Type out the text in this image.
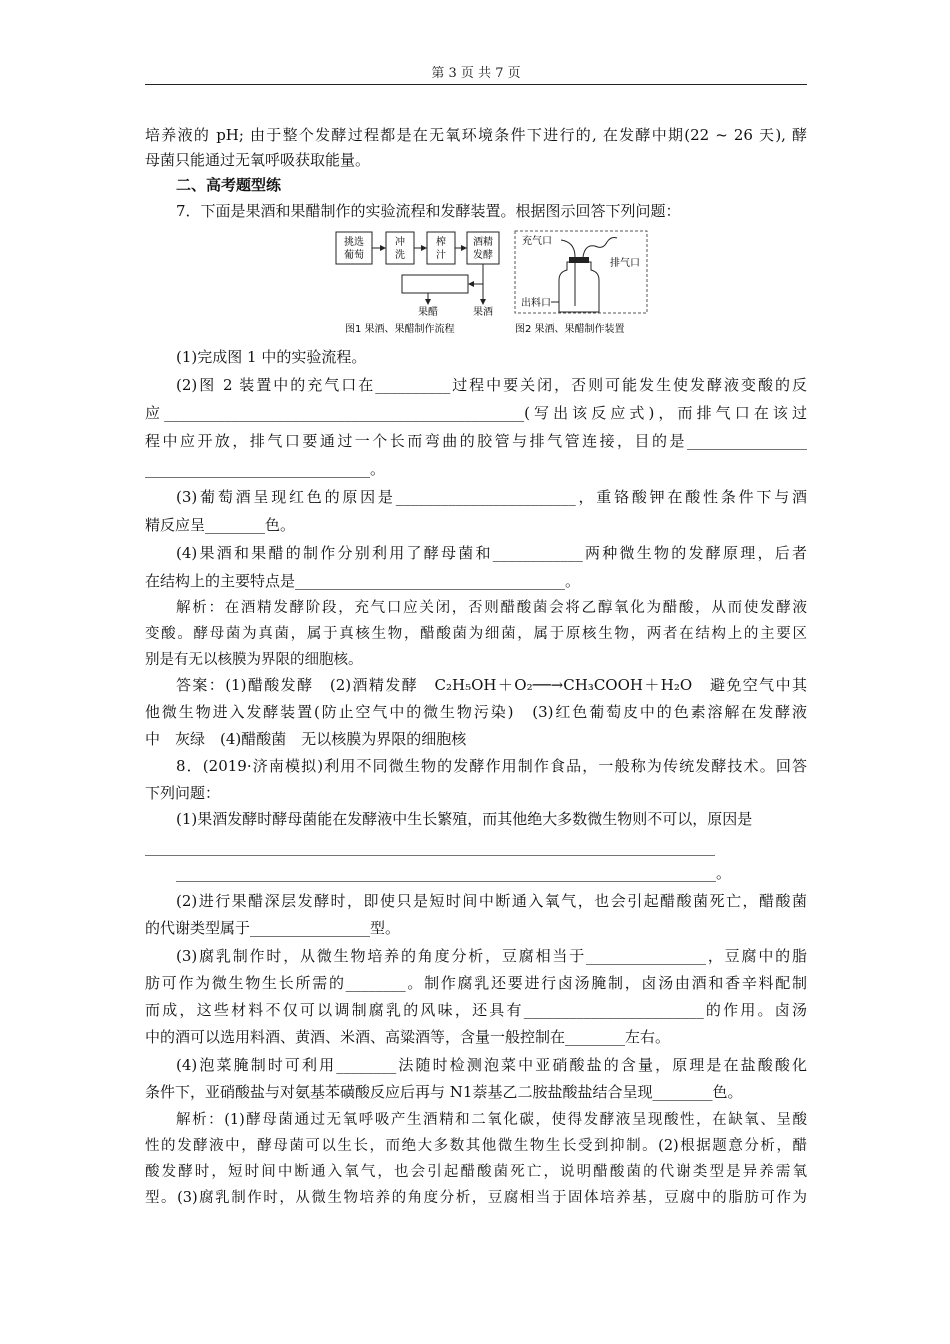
第 3 页 共 7 页
培养液的 pH; 由于整个发酵过程都是在无氧环境条件下进行的, 在发酵中期(22 ~ 26 天), 酵
母菌只能通过无氧呼吸获取能量。
二、高考题型练
7．下面是果酒和果醋制作的实验流程和发酵装置。根据图示回答下列问题：
挑选
葡萄
冲
洗
榨
汁
酒精
发酵
果醋	果酒
图1 果酒、果醋制作流程
充气口
排气口
出料口
图2 果酒、果醋制作装置
(1)完成图 1 中的实验流程。
(2)图 2 装置中的充气口在__________过程中要关闭，否则可能发生使发酵液变酸的反
应________________________________________________(写出该反应式)，而排气口在该过
程中应开放，排气口要通过一个长而弯曲的胶管与排气管连接，目的是________________
______________________________。
(3)葡萄酒呈现红色的原因是________________________，重铬酸钾在酸性条件下与酒
精反应呈________色。
(4)果酒和果醋的制作分别利用了酵母菌和____________两种微生物的发酵原理，后者
在结构上的主要特点是____________________________________。
解析：在酒精发酵阶段，充气口应关闭，否则醋酸菌会将乙醇氧化为醋酸，从而使发酵液
变酸。酵母菌为真菌，属于真核生物，醋酸菌为细菌，属于原核生物，两者在结构上的主要区
别是有无以核膜为界限的细胞核。
答案：(1)醋酸发酵　(2)酒精发酵　C₂H₅OH＋O₂──→CH₃COOH＋H₂O　避免空气中其
他微生物进入发酵装置(防止空气中的微生物污染)　(3)红色葡萄皮中的色素溶解在发酵液
中　灰绿　(4)醋酸菌　无以核膜为界限的细胞核
8．(2019·济南模拟)利用不同微生物的发酵作用制作食品，一般称为传统发酵技术。回答
下列问题：
(1)果酒发酵时酵母菌能在发酵液中生长繁殖，而其他绝大多数微生物则不可以，原因是
____________________________________________________________________________
________________________________________________________________________。
(2)进行果醋深层发酵时，即使只是短时间中断通入氧气，也会引起醋酸菌死亡，醋酸菌
的代谢类型属于________________型。
(3)腐乳制作时，从微生物培养的角度分析，豆腐相当于________________，豆腐中的脂
肪可作为微生物生长所需的________。制作腐乳还要进行卤汤腌制，卤汤由酒和香辛料配制
而成，这些材料不仅可以调制腐乳的风味，还具有________________________的作用。卤汤
中的酒可以选用料酒、黄酒、米酒、高粱酒等，含量一般控制在________左右。
(4)泡菜腌制时可利用________法随时检测泡菜中亚硝酸盐的含量，原理是在盐酸酸化
条件下，亚硝酸盐与对氨基苯磺酸反应后再与 N1萘基乙二胺盐酸盐结合呈现________色。
解析：(1)酵母菌通过无氧呼吸产生酒精和二氧化碳，使得发酵液呈现酸性，在缺氧、呈酸
性的发酵液中，酵母菌可以生长，而绝大多数其他微生物生长受到抑制。(2)根据题意分析，醋
酸发酵时，短时间中断通入氧气，也会引起醋酸菌死亡，说明醋酸菌的代谢类型是异养需氧
型。(3)腐乳制作时，从微生物培养的角度分析，豆腐相当于固体培养基，豆腐中的脂肪可作为
